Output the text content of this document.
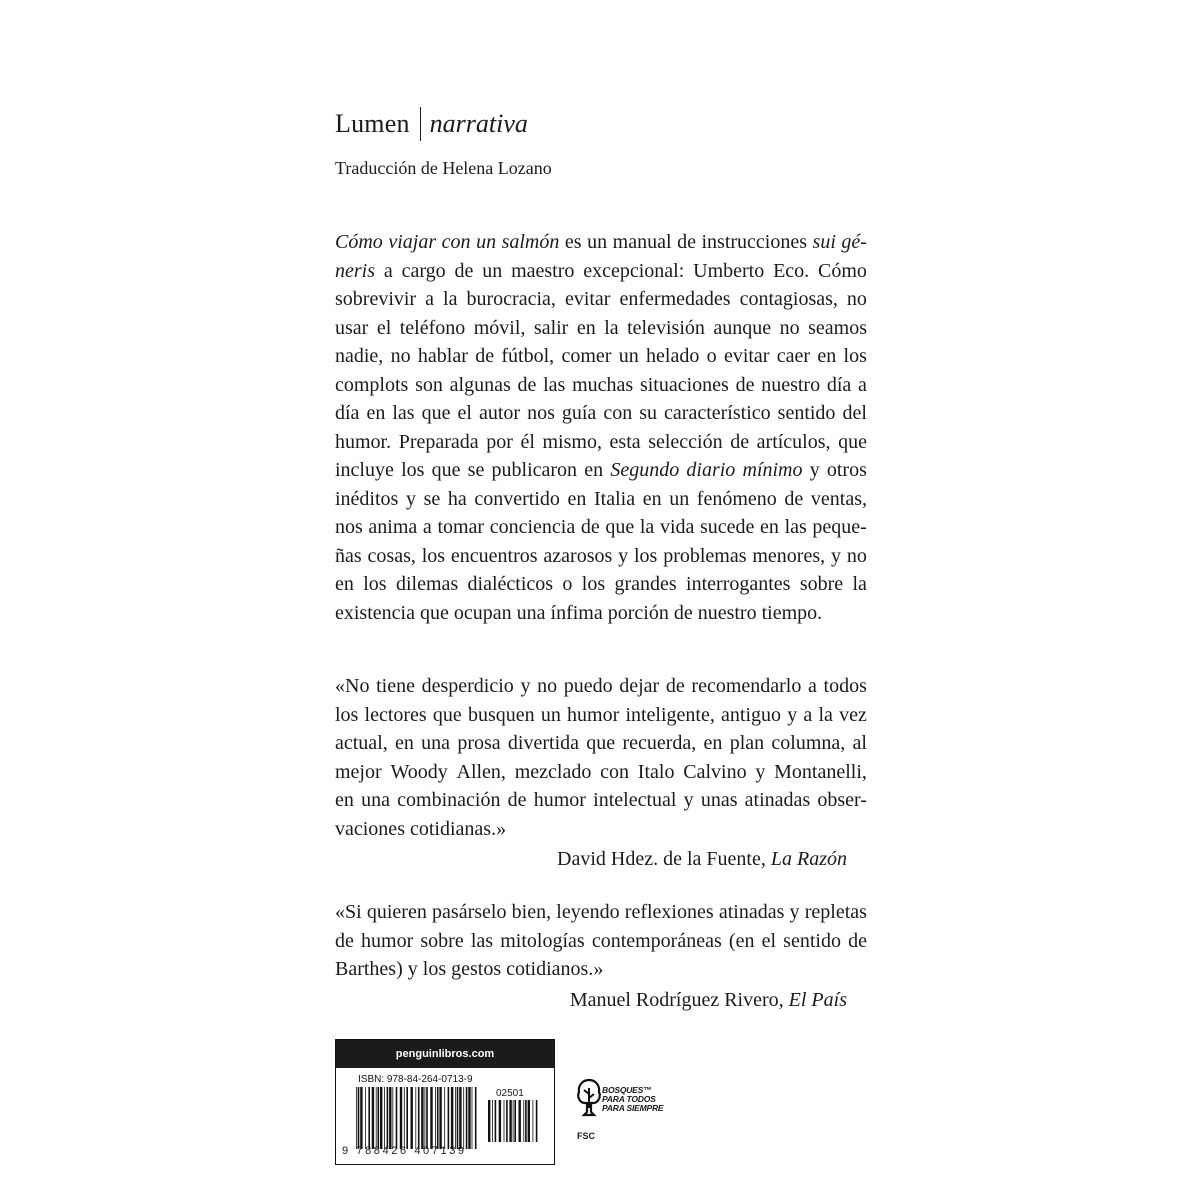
Lumen narrativa
Traducción de Helena Lozano
Cómo viajar con un salmón es un manual de instrucciones sui gé-
neris a cargo de un maestro excepcional: Umberto Eco. Cómo
sobrevivir a la burocracia, evitar enfermedades contagiosas, no
usar el teléfono móvil, salir en la televisión aunque no seamos
nadie, no hablar de fútbol, comer un helado o evitar caer en los
complots son algunas de las muchas situaciones de nuestro día a
día en las que el autor nos guía con su característico sentido del
humor. Preparada por él mismo, esta selección de artículos, que
incluye los que se publicaron en Segundo diario mínimo y otros
inéditos y se ha convertido en Italia en un fenómeno de ventas,
nos anima a tomar conciencia de que la vida sucede en las peque-
ñas cosas, los encuentros azarosos y los problemas menores, y no
en los dilemas dialécticos o los grandes interrogantes sobre la
existencia que ocupan una ínfima porción de nuestro tiempo.
«No tiene desperdicio y no puedo dejar de recomendarlo a todos
los lectores que busquen un humor inteligente, antiguo y a la vez
actual, en una prosa divertida que recuerda, en plan columna, al
mejor Woody Allen, mezclado con Italo Calvino y Montanelli,
en una combinación de humor intelectual y unas atinadas obser-
vaciones cotidianas.»
David Hdez. de la Fuente, La Razón
«Si quieren pasárselo bien, leyendo reflexiones atinadas y repletas
de humor sobre las mitologías contemporáneas (en el sentido de
Barthes) y los gestos cotidianos.»
Manuel Rodríguez Rivero, El País
penguinlibros.com
ISBN: 978-84-264-0713-9
02501
9 788426 407139
BOSQUES™
PARA TODOS
PARA SIEMPRE
FSC
